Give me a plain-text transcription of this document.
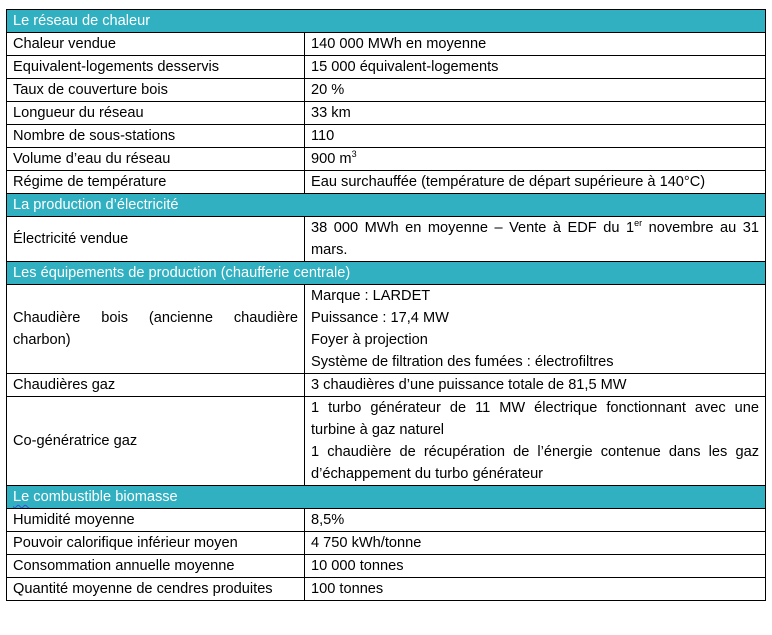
Le réseau de chaleur	
Chaleur vendue	140 000 MWh en moyenne
Equivalent-logements desservis	15 000 équivalent-logements
Taux de couverture bois	20 %
Longueur du réseau	33 km
Nombre de sous-stations	110
Volume d’eau du réseau	900 $m^3$
Régime de température	Eau surchauffée (température de départ supérieure à 140°C)
La production d’électricité	
Électricité vendue	38 000 MWh en moyenne – Vente à EDF du 1er novembre au 31 mars.
Les équipements de production (chaufferie centrale)	
Chaudière bois (ancienne chaudière charbon)	Marque : LARDET
Puissance : 17,4 MW
Foyer à projection
Système de filtration des fumées : électrofiltres

Chaudières gaz	3 chaudières d’une puissance totale de 81,5 MW
Co-génératrice gaz	1 turbo générateur de 11 MW électrique fonctionnant avec une turbine à gaz naturel
1 chaudière de récupération de l’énergie contenue dans les gaz d’échappement du turbo générateur

Le combustible biomasse	
Humidité moyenne	8,5%
Pouvoir calorifique inférieur moyen	4 750 kWh/tonne
Consommation annuelle moyenne	10 000 tonnes
Quantité moyenne de cendres produites	100 tonnes
